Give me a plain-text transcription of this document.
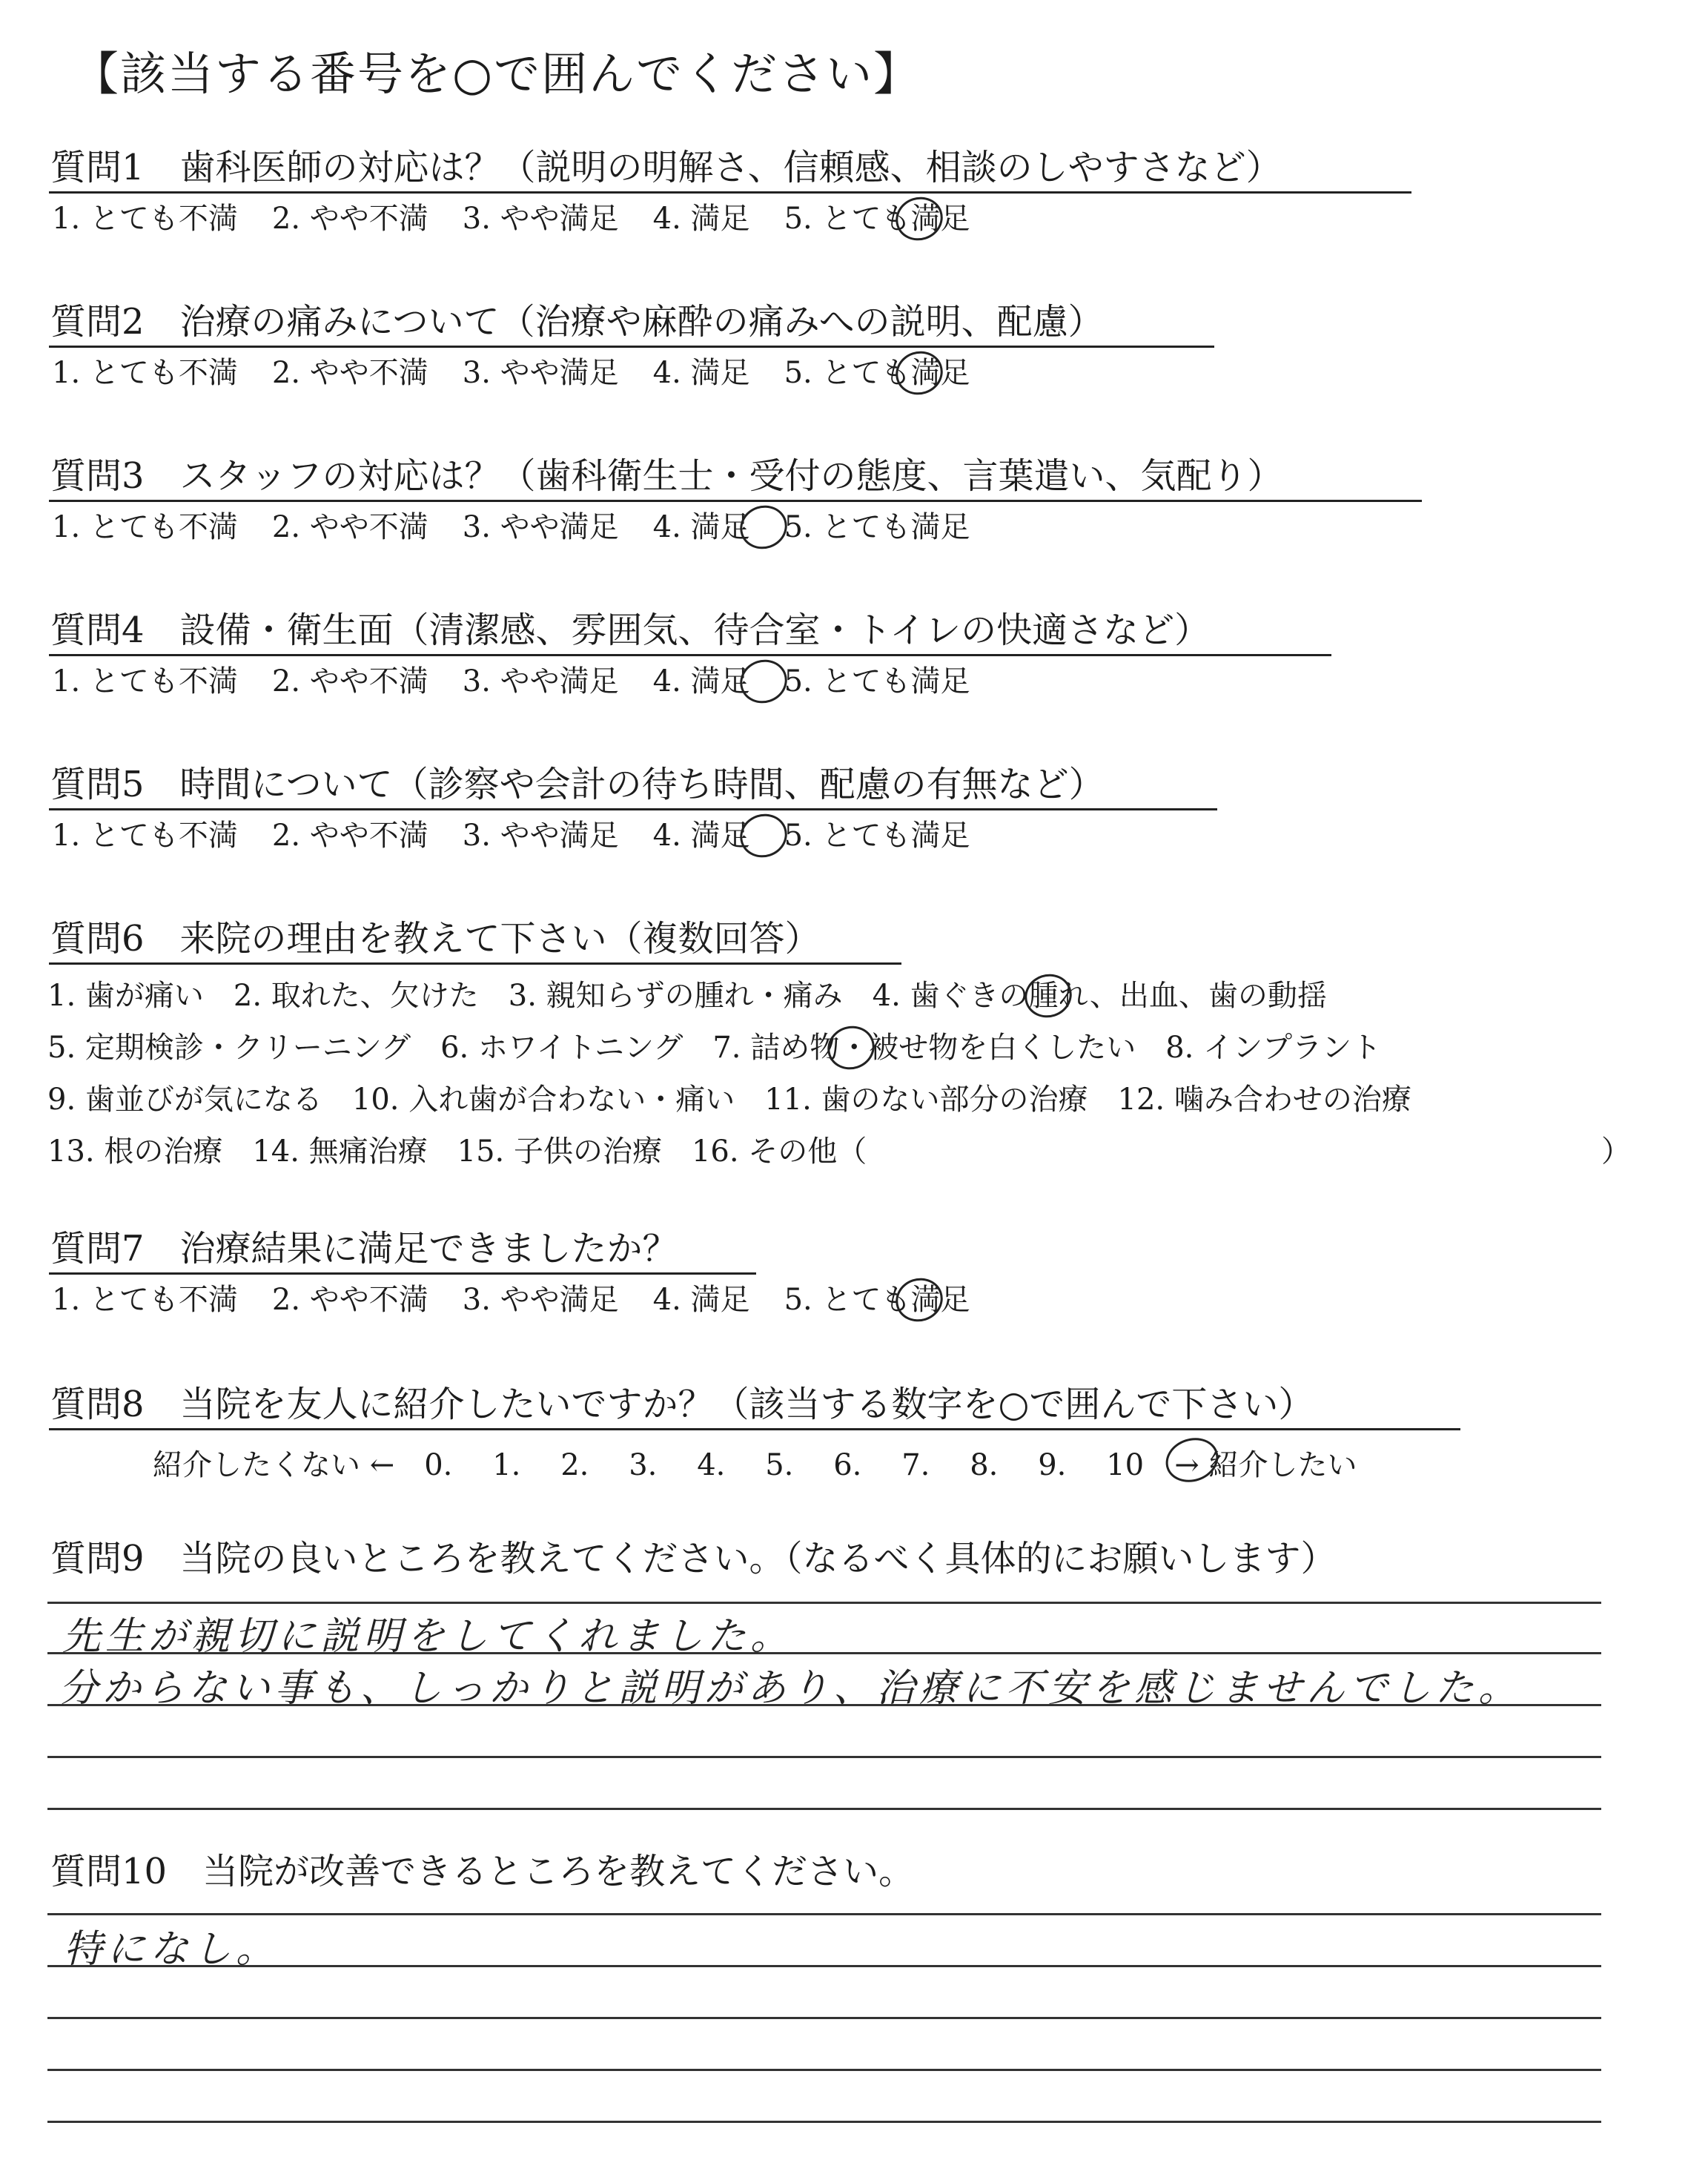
【該当する番号を○で囲んでください】
質問1　歯科医師の対応は？（説明の明解さ、信頼感、相談のしやすさなど）
1. とても不満 2. やや不満 3. やや満足 4. 満足 5. とても満足
質問2　治療の痛みについて（治療や麻酔の痛みへの説明、配慮）
1. とても不満 2. やや不満 3. やや満足 4. 満足 5. とても満足
質問3　スタッフの対応は？（歯科衛生士・受付の態度、言葉遣い、気配り）
1. とても不満 2. やや不満 3. やや満足 4. 満足 5. とても満足
質問4　設備・衛生面（清潔感、雰囲気、待合室・トイレの快適さなど）
1. とても不満 2. やや不満 3. やや満足 4. 満足 5. とても満足
質問5　時間について（診察や会計の待ち時間、配慮の有無など）
1. とても不満 2. やや不満 3. やや満足 4. 満足 5. とても満足
質問6　来院の理由を教えて下さい（複数回答）
1. 歯が痛い　2. 取れた、欠けた　3. 親知らずの腫れ・痛み　4. 歯ぐきの腫れ、出血、歯の動揺
5. 定期検診・クリーニング　6. ホワイトニング　7. 詰め物・被せ物を白くしたい　8. インプラント
9. 歯並びが気になる　10. 入れ歯が合わない・痛い　11. 歯のない部分の治療　12. 噛み合わせの治療
13. 根の治療　14. 無痛治療　15. 子供の治療　16. その他（	）
質問7　治療結果に満足できましたか？
1. とても不満 2. やや不満 3. やや満足 4. 満足 5. とても満足
質問8　当院を友人に紹介したいですか？（該当する数字を○で囲んで下さい）
紹介したくない ← 0. 1. 2. 3. 4. 5. 6. 7. 8. 9. 10 → 紹介したい
質問9　当院の良いところを教えてください。（なるべく具体的にお願いします）
先生が親切に説明をしてくれました。
分からない事も、しっかりと説明があり、治療に不安を感じませんでした。
質問10　当院が改善できるところを教えてください。
特になし。
